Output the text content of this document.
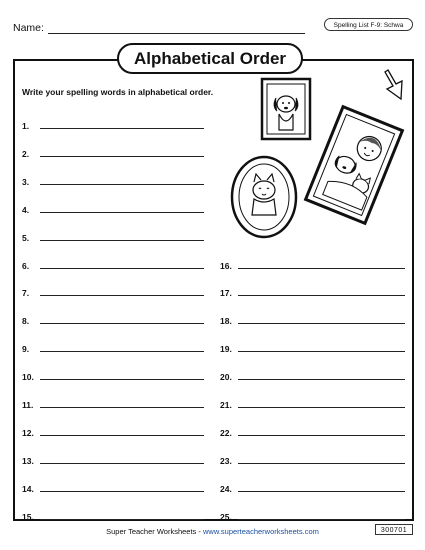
Name:	Spelling List F-9: Schwa
Alphabetical Order
Write your spelling words in alphabetical order.
1.
2.
3.
4.
5.
6.
7.
8.
9.
10.
11.
12.
13.
14.
15.
16.
17.
18.
19.
20.
21.
22.
23.
24.
25.
Super Teacher Worksheets - www.superteacherworksheets.com	300701
